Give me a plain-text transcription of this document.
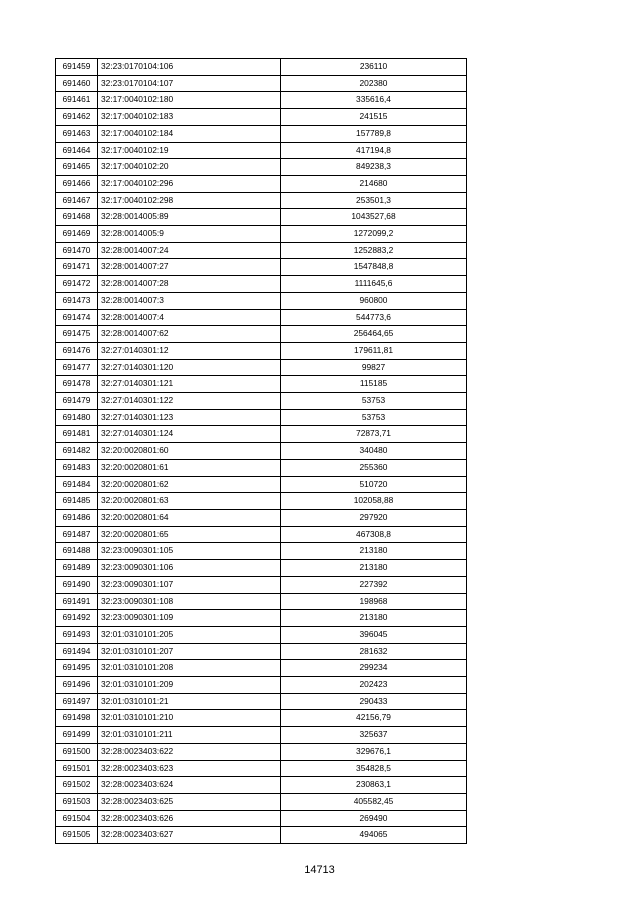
691459	32:23:0170104:106	236110
691460	32:23:0170104:107	202380
691461	32:17:0040102:180	335616,4
691462	32:17:0040102:183	241515
691463	32:17:0040102:184	157789,8
691464	32:17:0040102:19	417194,8
691465	32:17:0040102:20	849238,3
691466	32:17:0040102:296	214680
691467	32:17:0040102:298	253501,3
691468	32:28:0014005:89	1043527,68
691469	32:28:0014005:9	1272099,2
691470	32:28:0014007:24	1252883,2
691471	32:28:0014007:27	1547848,8
691472	32:28:0014007:28	1111645,6
691473	32:28:0014007:3	960800
691474	32:28:0014007:4	544773,6
691475	32:28:0014007:62	256464,65
691476	32:27:0140301:12	179611,81
691477	32:27:0140301:120	99827
691478	32:27:0140301:121	115185
691479	32:27:0140301:122	53753
691480	32:27:0140301:123	53753
691481	32:27:0140301:124	72873,71
691482	32:20:0020801:60	340480
691483	32:20:0020801:61	255360
691484	32:20:0020801:62	510720
691485	32:20:0020801:63	102058,88
691486	32:20:0020801:64	297920
691487	32:20:0020801:65	467308,8
691488	32:23:0090301:105	213180
691489	32:23:0090301:106	213180
691490	32:23:0090301:107	227392
691491	32:23:0090301:108	198968
691492	32:23:0090301:109	213180
691493	32:01:0310101:205	396045
691494	32:01:0310101:207	281632
691495	32:01:0310101:208	299234
691496	32:01:0310101:209	202423
691497	32:01:0310101:21	290433
691498	32:01:0310101:210	42156,79
691499	32:01:0310101:211	325637
691500	32:28:0023403:622	329676,1
691501	32:28:0023403:623	354828,5
691502	32:28:0023403:624	230863,1
691503	32:28:0023403:625	405582,45
691504	32:28:0023403:626	269490
691505	32:28:0023403:627	494065
14713
